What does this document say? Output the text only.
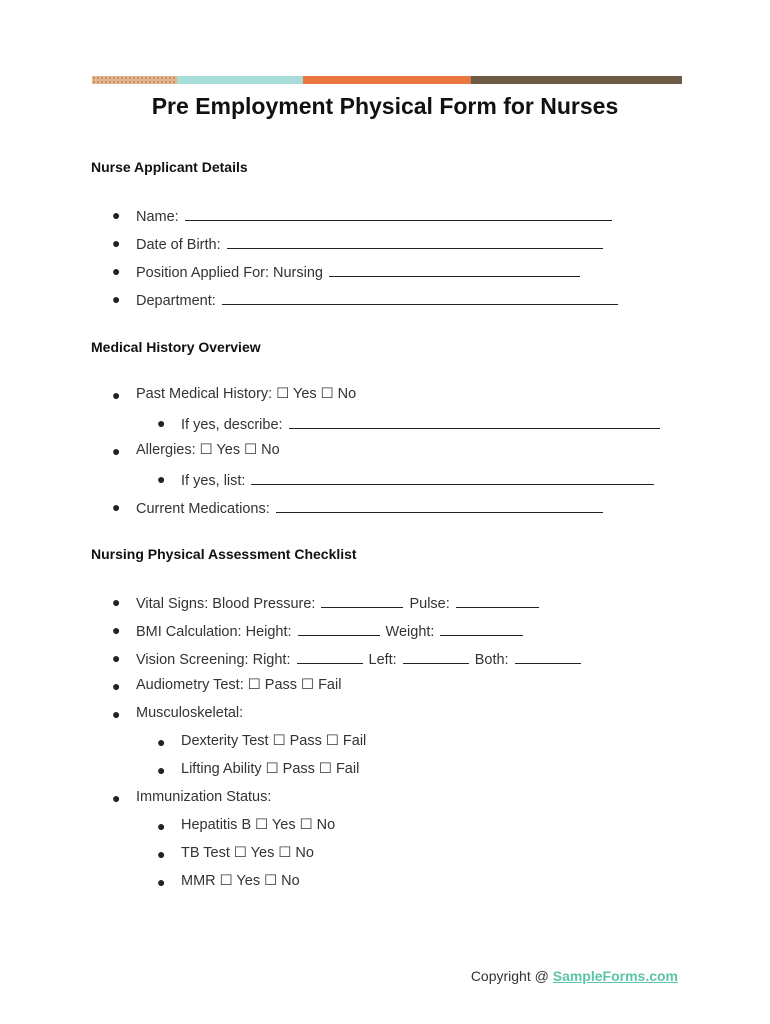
Pre Employment Physical Form for Nurses
Nurse Applicant Details
● Name:
● Date of Birth:
● Position Applied For: Nursing
● Department:
Medical History Overview
● Past Medical History: ☐ Yes ☐ No
● If yes, describe:
● Allergies: ☐ Yes ☐ No
● If yes, list:
● Current Medications:
Nursing Physical Assessment Checklist
● Vital Signs: Blood Pressure:	Pulse:
● BMI Calculation: Height:	Weight:
● Vision Screening: Right:	Left:	Both:
● Audiometry Test: ☐ Pass ☐ Fail
● Musculoskeletal:
● Dexterity Test ☐ Pass ☐ Fail
● Lifting Ability ☐ Pass ☐ Fail
● Immunization Status:
● Hepatitis B ☐ Yes ☐ No
● TB Test ☐ Yes ☐ No
● MMR ☐ Yes ☐ No
Copyright @ SampleForms.com
